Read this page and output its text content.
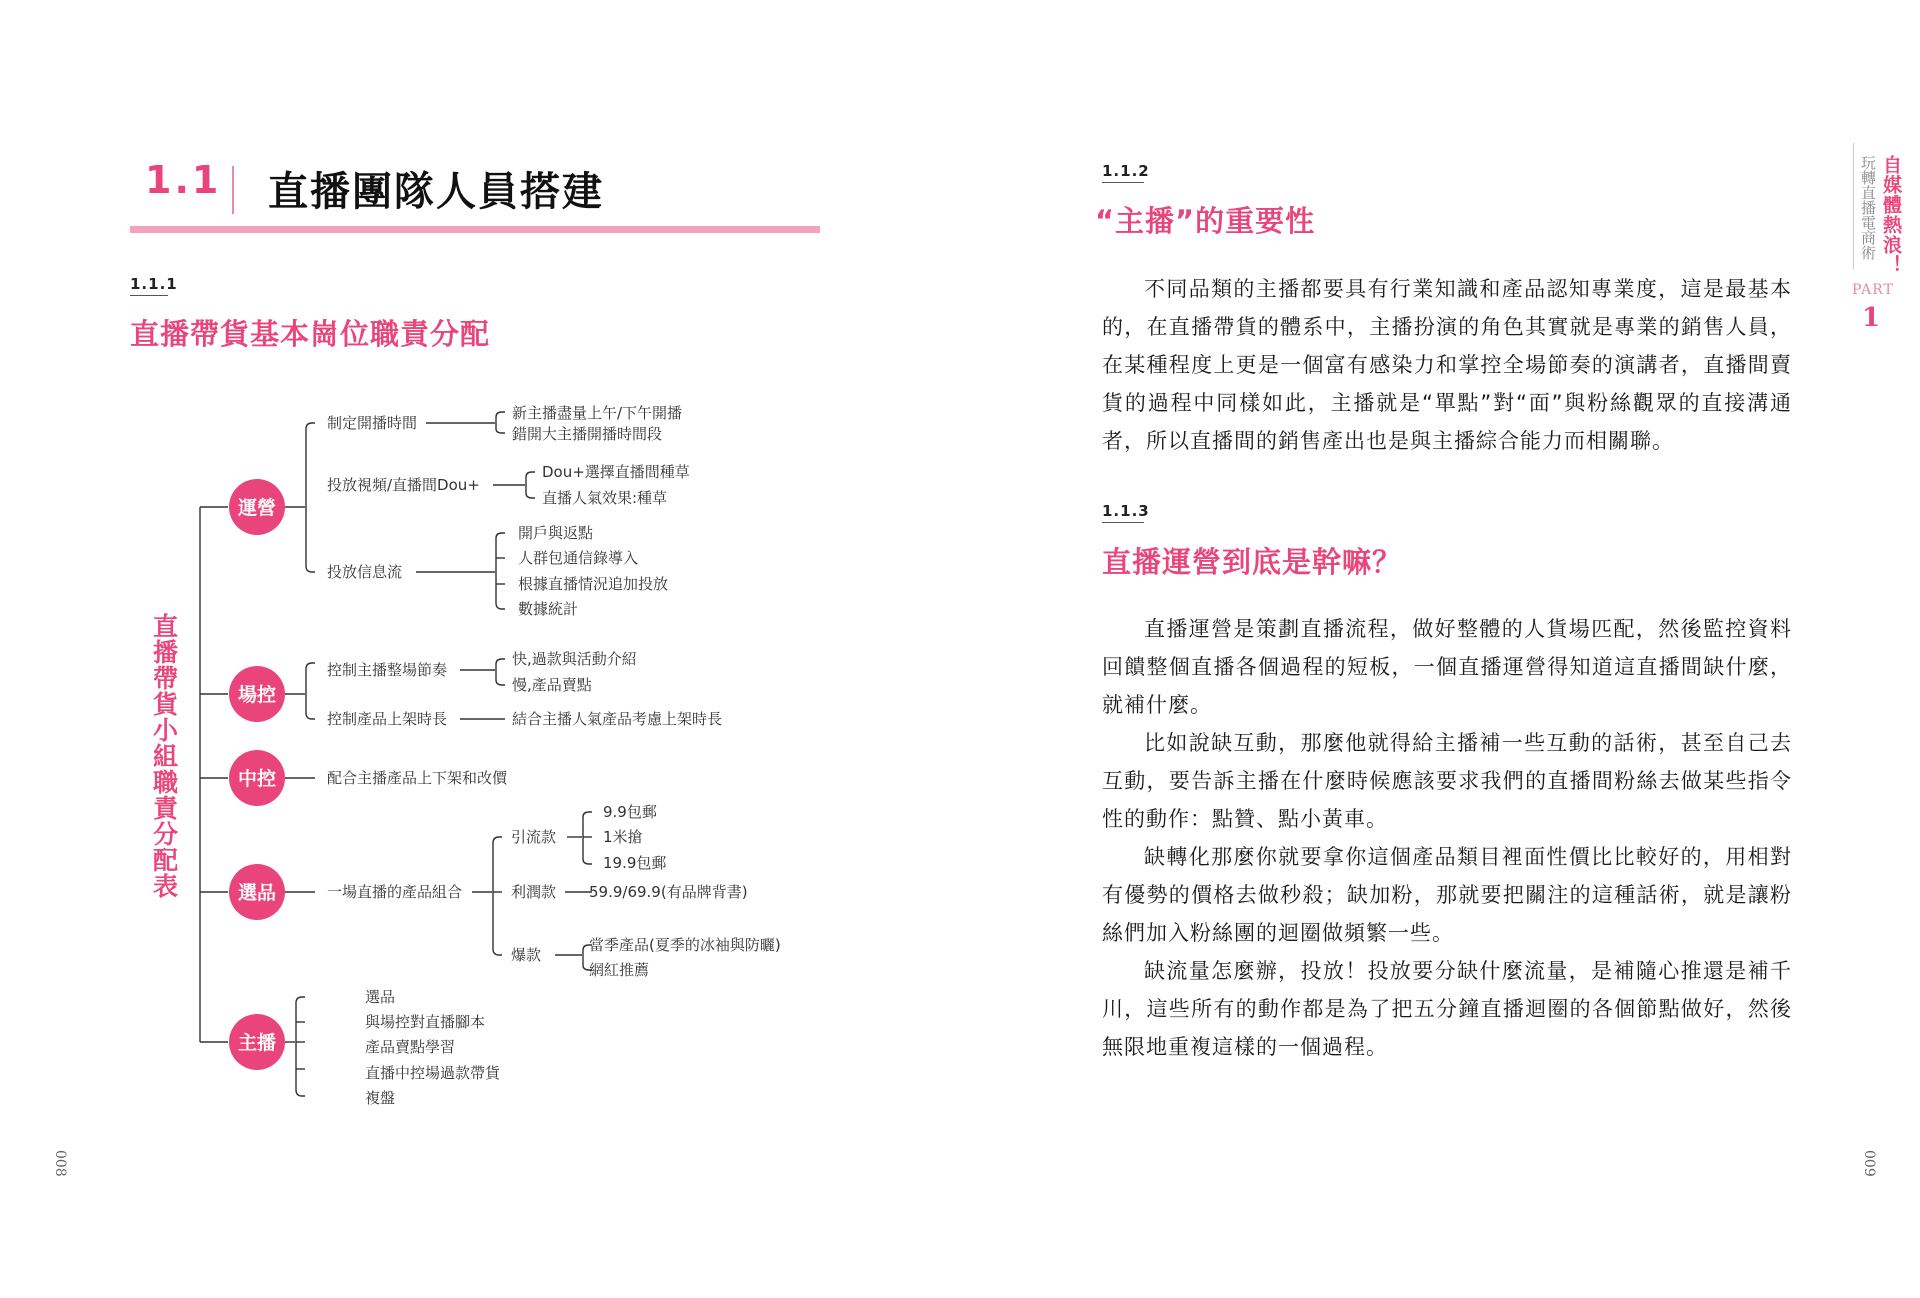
1.1 直播團隊人員搭建
1.1.1
直播帶貨基本崗位職責分配
直播帶貨小組職責分配表
運營
場控
中控
選品
主播
制定開播時間
新主播盡量上午/下午開播
錯開大主播開播時間段
投放視頻/直播間Dou+
Dou+選擇直播間種草
直播人氣效果:種草
投放信息流
開戶與返點
人群包通信錄導入
根據直播情況追加投放
數據統計
控制主播整場節奏
快,過款與活動介紹
慢,產品賣點
控制產品上架時長	結合主播人氣產品考慮上架時長
配合主播產品上下架和改價
一場直播的產品組合
引流款
9.9包郵
1米搶
19.9包郵
利潤款 59.9/69.9(有品牌背書)
爆款
當季產品(夏季的冰袖與防曬)
網紅推薦
選品
與場控對直播腳本
產品賣點學習
直播中控場過款帶貨
複盤
008
1.1.2
“主播”的重要性

不同品類的主播都要具有行業知識和產品認知專業度，這是最基本的，在直播帶貨的體系中，主播扮演的角色其實就是專業的銷售人員，在某種程度上更是一個富有感染力和掌控全場節奏的演講者，直播間賣貨的過程中同樣如此，主播就是“單點”對“面”與粉絲觀眾的直接溝通者，所以直播間的銷售產出也是與主播綜合能力而相關聯。

1.1.3
直播運營到底是幹嘛？

直播運營是策劃直播流程，做好整體的人貨場匹配，然後監控資料回饋整個直播各個過程的短板，一個直播運營得知道這直播間缺什麼，就補什麼。

比如說缺互動，那麼他就得給主播補一些互動的話術，甚至自己去互動，要告訴主播在什麼時候應該要求我們的直播間粉絲去做某些指令性的動作：點贊、點小黃車。

缺轉化那麼你就要拿你這個產品類目裡面性價比比較好的，用相對有優勢的價格去做秒殺；缺加粉，那就要把關注的這種話術，就是讓粉絲們加入粉絲團的迴圈做頻繁一些。

缺流量怎麼辦，投放！投放要分缺什麼流量，是補隨心推還是補千川，這些所有的動作都是為了把五分鐘直播迴圈的各個節點做好，然後無限地重複這樣的一個過程。

自媒體熱浪！
玩轉直播電商術
PART
1
009
